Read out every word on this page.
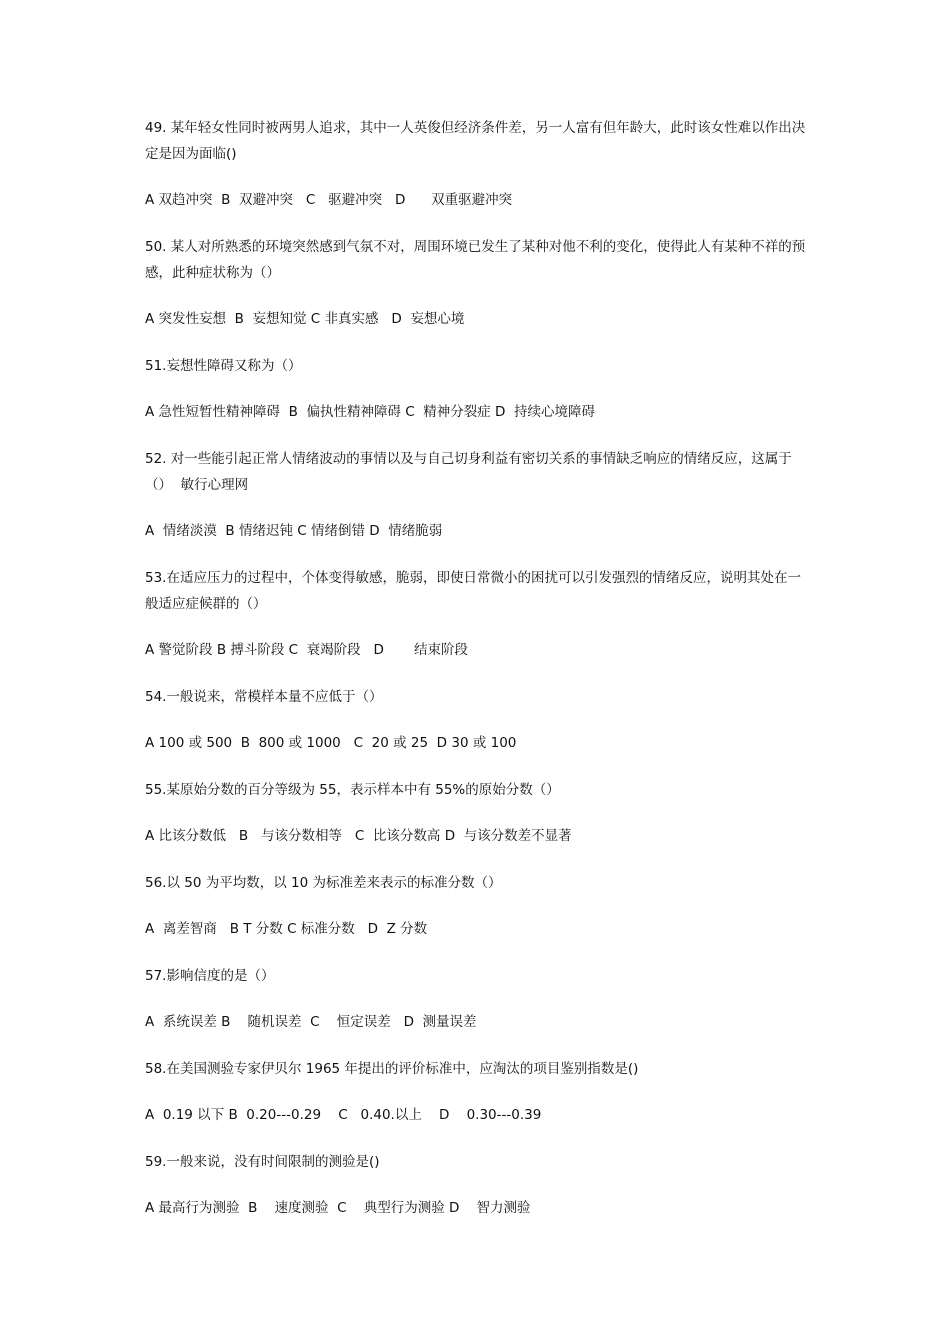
49. 某年轻女性同时被两男人追求，其中一人英俊但经济条件差，另一人富有但年龄大，此时该女性难以作出决定是因为面临()

A 双趋冲突  B  双避冲突   C   驱避冲突   D      双重驱避冲突

50. 某人对所熟悉的环境突然感到气氛不对，周围环境已发生了某种对他不利的变化，使得此人有某种不祥的预感，此种症状称为（）

A 突发性妄想  B  妄想知觉 C 非真实感   D  妄想心境

51.妄想性障碍又称为（）

A 急性短暂性精神障碍  B  偏执性精神障碍 C  精神分裂症 D  持续心境障碍

52. 对一些能引起正常人情绪波动的事情以及与自己切身利益有密切关系的事情缺乏响应的情绪反应，这属于（）  敏行心理网

A  情绪淡漠  B 情绪迟钝 C 情绪倒错 D  情绪脆弱

53.在适应压力的过程中，个体变得敏感，脆弱，即使日常微小的困扰可以引发强烈的情绪反应，说明其处在一般适应症候群的（）

A 警觉阶段 B 搏斗阶段 C  衰竭阶段   D       结束阶段

54.一般说来，常模样本量不应低于（）

A 100 或 500  B  800 或 1000   C  20 或 25  D 30 或 100

55.某原始分数的百分等级为 55，表示样本中有 55%的原始分数（）

A 比该分数低   B   与该分数相等   C  比该分数高 D  与该分数差不显著

56.以 50 为平均数，以 10 为标准差来表示的标准分数（）

A  离差智商   B T 分数 C 标准分数   D  Z 分数

57.影响信度的是（）

A  系统误差 B    随机误差  C    恒定误差   D  测量误差

58.在美国测验专家伊贝尔 1965 年提出的评价标准中，应淘汰的项目鉴别指数是()

A  0.19 以下 B  0.20---0.29    C   0.40.以上    D    0.30---0.39

59.一般来说，没有时间限制的测验是()

A 最高行为测验  B    速度测验  C    典型行为测验 D    智力测验
